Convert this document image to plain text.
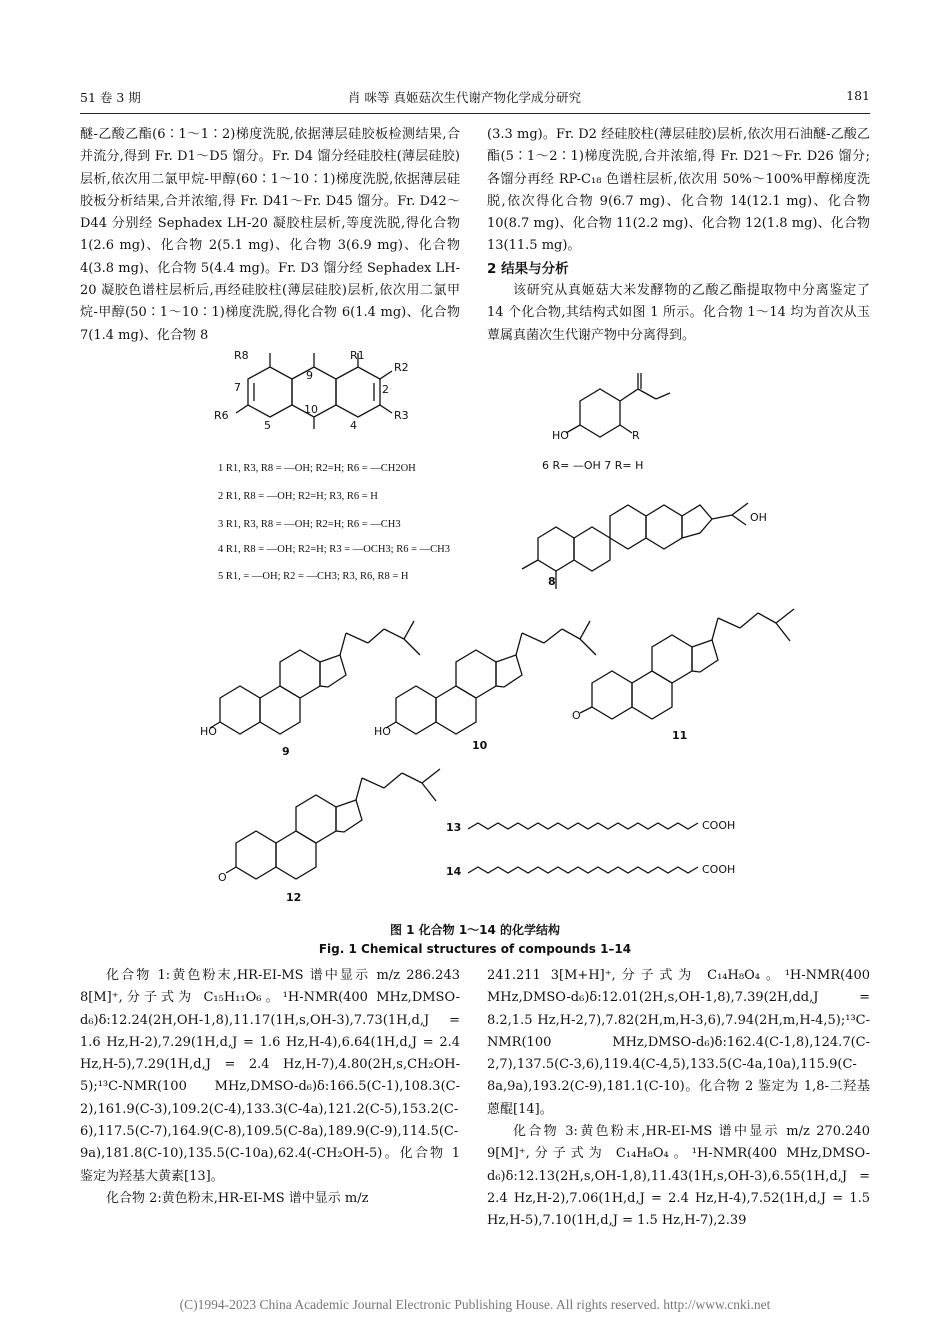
51 卷 3 期	肖 咪等 真姬菇次生代谢产物化学成分研究	181

醚-乙酸乙酯(6∶1～1∶2)梯度洗脱,依据薄层硅胶板检测结果,合并流分,得到 Fr. D1～D5 馏分。Fr. D4 馏分经硅胶柱(薄层硅胶)层析,依次用二氯甲烷-甲醇(60∶1～10∶1)梯度洗脱,依据薄层硅胶板分析结果,合并浓缩,得 Fr. D41～Fr. D45 馏分。Fr. D42～D44 分别经 Sephadex LH-20 凝胶柱层析,等度洗脱,得化合物 1(2.6 mg)、化合物 2(5.1 mg)、化合物 3(6.9 mg)、化合物 4(3.8 mg)、化合物 5(4.4 mg)。Fr. D3 馏分经 Sephadex LH-20 凝胶色谱柱层析后,再经硅胶柱(薄层硅胶)层析,依次用二氯甲烷-甲醇(50∶1～10∶1)梯度洗脱,得化合物 6(1.4 mg)、化合物 7(1.4 mg)、化合物 8

(3.3 mg)。Fr. D2 经硅胶柱(薄层硅胶)层析,依次用石油醚-乙酸乙酯(5∶1～2∶1)梯度洗脱,合并浓缩,得 Fr. D21～Fr. D26 馏分;各馏分再经 RP-C₁₈ 色谱柱层析,依次用 50%～100%甲醇梯度洗脱,依次得化合物 9(6.7 mg)、化合物 14(12.1 mg)、化合物 10(8.7 mg)、化合物 11(2.2 mg)、化合物 12(1.8 mg)、化合物 13(11.5 mg)。

2 结果与分析

该研究从真姬菇大米发酵物的乙酸乙酯提取物中分离鉴定了 14 个化合物,其结构式如图 1 所示。化合物 1～14 均为首次从玉蕈属真菌次生代谢产物中分离得到。

R8	R1
R2
R3
R6
7
9
10
5	4
2
1 R1, R3, R8 = —OH; R2=H; R6 = —CH2OH
2 R1, R8 = —OH; R2=H; R3, R6 = H
3 R1, R3, R8 = —OH; R2=H; R6 = —CH3
4 R1, R8 = —OH; R2=H; R3 = —OCH3; R6 = —CH3
5 R1, = —OH; R2 = —CH3; R3, R6, R8 = H
HO	R
6 R= —OH 7 R= H
OH
8
HO
9
HO
10
O
11
O
12
13	COOH
14	COOH
图 1 化合物 1～14 的化学结构
Fig. 1 Chemical structures of compounds 1–14

化合物 1:黄色粉末,HR-EI-MS 谱中显示 m/z 286.243 8[M]⁺,分子式为 C₁₅H₁₁O₆。¹H-NMR(400 MHz,DMSO-d₆)δ:12.24(2H,OH-1,8),11.17(1H,s,OH-3),7.73(1H,d,J = 1.6 Hz,H-2),7.29(1H,d,J = 1.6 Hz,H-4),6.64(1H,d,J = 2.4 Hz,H-5),7.29(1H,d,J = 2.4 Hz,H-7),4.80(2H,s,CH₂OH-5);¹³C-NMR(100 MHz,DMSO-d₆)δ:166.5(C-1),108.3(C-2),161.9(C-3),109.2(C-4),133.3(C-4a),121.2(C-5),153.2(C-6),117.5(C-7),164.9(C-8),109.5(C-8a),189.9(C-9),114.5(C-9a),181.8(C-10),135.5(C-10a),62.4(-CH₂OH-5)。化合物 1 鉴定为羟基大黄素[13]。

化合物 2:黄色粉末,HR-EI-MS 谱中显示 m/z

241.211 3[M+H]⁺,分子式为 C₁₄H₈O₄。¹H-NMR(400 MHz,DMSO-d₆)δ:12.01(2H,s,OH-1,8),7.39(2H,dd,J = 8.2,1.5 Hz,H-2,7),7.82(2H,m,H-3,6),7.94(2H,m,H-4,5);¹³C-NMR(100 MHz,DMSO-d₆)δ:162.4(C-1,8),124.7(C-2,7),137.5(C-3,6),119.4(C-4,5),133.5(C-4a,10a),115.9(C-8a,9a),193.2(C-9),181.1(C-10)。化合物 2 鉴定为 1,8-二羟基蒽醌[14]。

化合物 3:黄色粉末,HR-EI-MS 谱中显示 m/z 270.240 9[M]⁺,分子式为 C₁₄H₈O₄。¹H-NMR(400 MHz,DMSO-d₆)δ:12.13(2H,s,OH-1,8),11.43(1H,s,OH-3),6.55(1H,d,J = 2.4 Hz,H-2),7.06(1H,d,J = 2.4 Hz,H-4),7.52(1H,d,J = 1.5 Hz,H-5),7.10(1H,d,J = 1.5 Hz,H-7),2.39

(C)1994-2023 China Academic Journal Electronic Publishing House. All rights reserved. http://www.cnki.net
